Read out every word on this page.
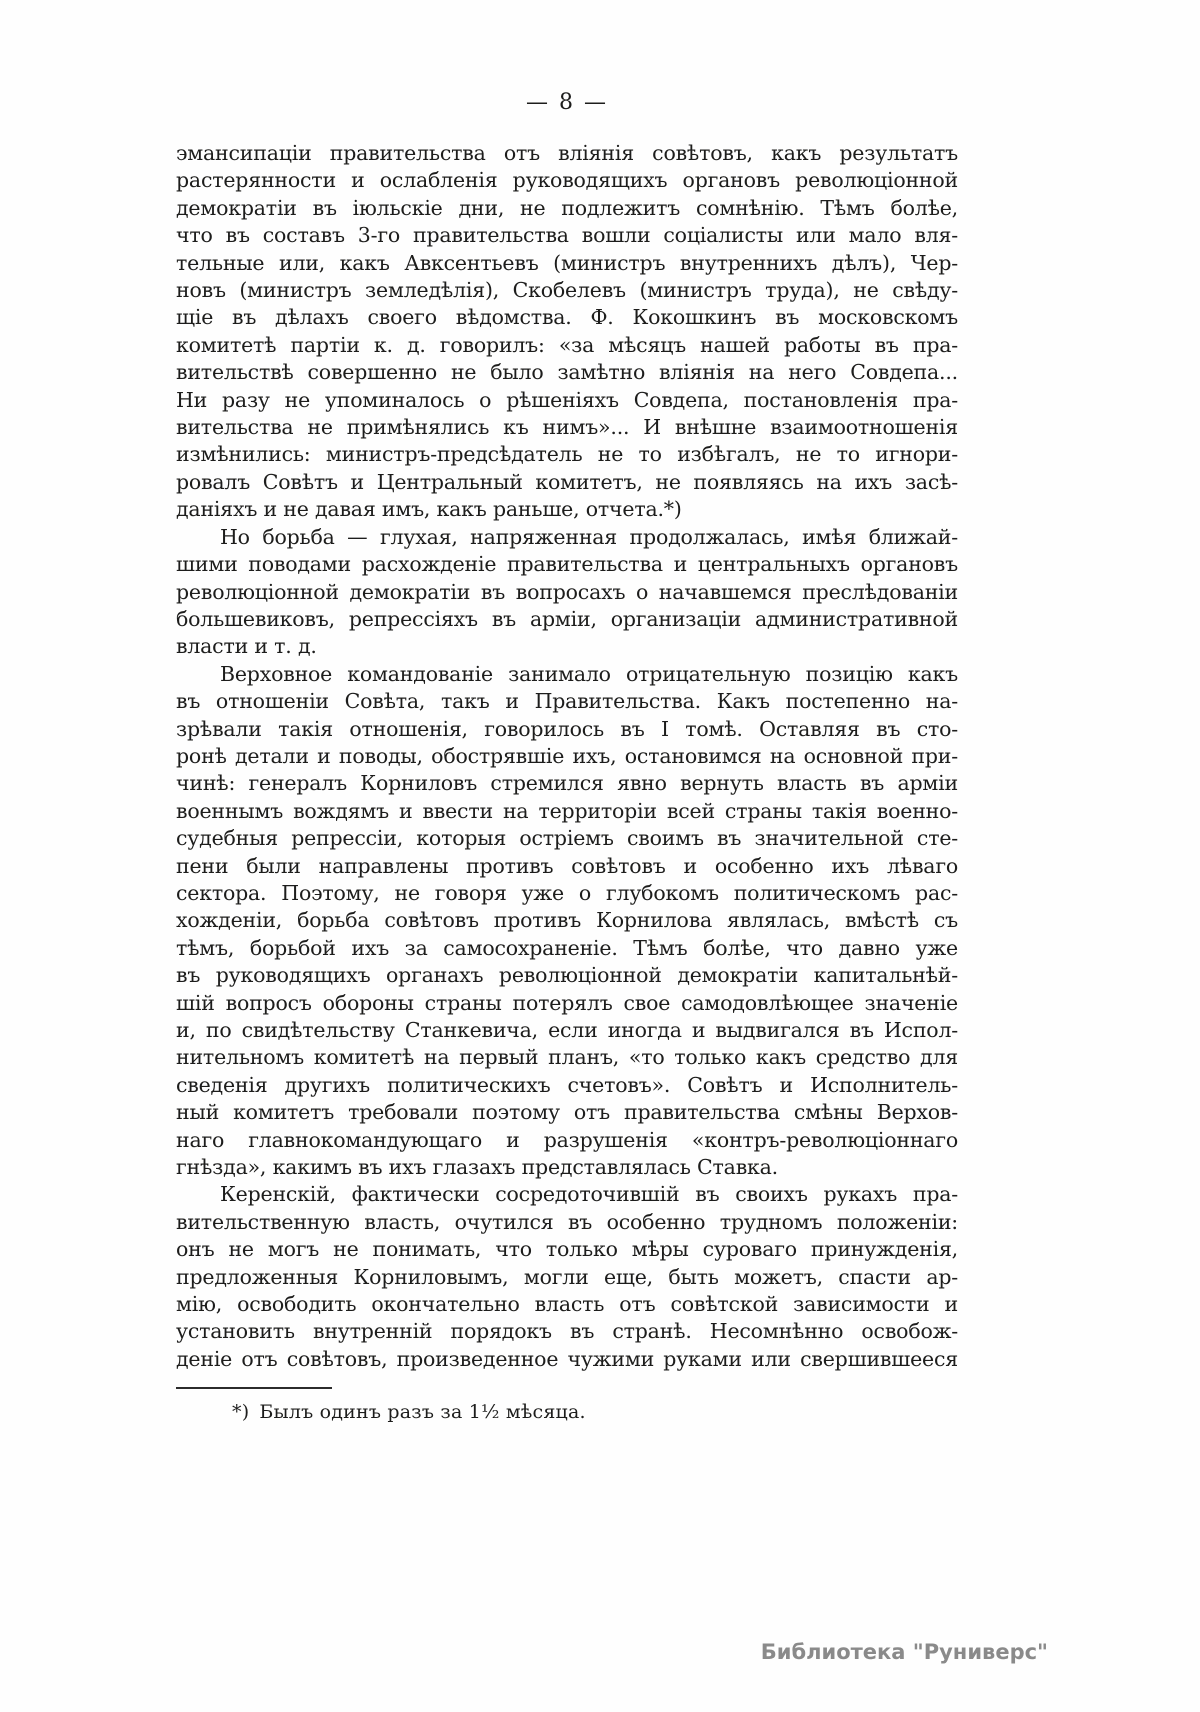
— 8 —
эмансипаціи правительства отъ вліянія совѣтовъ, какъ результатъ
растерянности и ослабленія руководящихъ органовъ революціонной
демократіи въ іюльскіе дни, не подлежитъ сомнѣнію. Тѣмъ болѣе,
что въ составъ 3-го правительства вошли соціалисты или мало вля-
тельные или, какъ Авксентьевъ (министръ внутреннихъ дѣлъ), Чер-
новъ (министръ земледѣлія), Скобелевъ (министръ труда), не свѣду-
щіе въ дѣлахъ своего вѣдомства. Ф. Кокошкинъ въ московскомъ
комитетѣ партіи к. д. говорилъ: «за мѣсяцъ нашей работы въ пра-
вительствѣ совершенно не было замѣтно вліянія на него Совдепа...
Ни разу не упоминалось о рѣшеніяхъ Совдепа, постановленія пра-
вительства не примѣнялись къ нимъ»... И внѣшне взаимоотношенія
измѣнились: министръ-предсѣдатель не то избѣгалъ, не то игнори-
ровалъ Совѣтъ и Центральный комитетъ, не появляясь на ихъ засѣ-
даніяхъ и не давая имъ, какъ раньше, отчета.*)
Но борьба — глухая, напряженная продолжалась, имѣя ближай-
шими поводами расхожденіе правительства и центральныхъ органовъ
революціонной демократіи въ вопросахъ о начавшемся преслѣдованіи
большевиковъ, репрессіяхъ въ арміи, организаціи административной
власти и т. д.
Верховное командованіе занимало отрицательную позицію какъ
въ отношеніи Совѣта, такъ и Правительства. Какъ постепенно на-
зрѣвали такія отношенія, говорилось въ I томѣ. Оставляя въ сто-
ронѣ детали и поводы, обострявшіе ихъ, остановимся на основной при-
чинѣ: генералъ Корниловъ стремился явно вернуть власть въ арміи
военнымъ вождямъ и ввести на территоріи всей страны такія военно-
судебныя репрессіи, которыя остріемъ своимъ въ значительной сте-
пени были направлены противъ совѣтовъ и особенно ихъ лѣваго
сектора. Поэтому, не говоря уже о глубокомъ политическомъ рас-
хожденіи, борьба совѣтовъ противъ Корнилова являлась, вмѣстѣ съ
тѣмъ, борьбой ихъ за самосохраненіе. Тѣмъ болѣе, что давно уже
въ руководящихъ органахъ революціонной демократіи капитальнѣй-
шій вопросъ обороны страны потерялъ свое самодовлѣющее значеніе
и, по свидѣтельству Станкевича, если иногда и выдвигался въ Испол-
нительномъ комитетѣ на первый планъ, «то только какъ средство для
сведенія другихъ политическихъ счетовъ». Совѣтъ и Исполнитель-
ный комитетъ требовали поэтому отъ правительства смѣны Верхов-
наго главнокомандующаго и разрушенія «контръ-революціоннаго
гнѣзда», какимъ въ ихъ глазахъ представлялась Ставка.
Керенскій, фактически сосредоточившій въ своихъ рукахъ пра-
вительственную власть, очутился въ особенно трудномъ положеніи:
онъ не могъ не понимать, что только мѣры суроваго принужденія,
предложенныя Корниловымъ, могли еще, быть можетъ, спасти ар-
мію, освободить окончательно власть отъ совѣтской зависимости и
установить внутренній порядокъ въ странѣ. Несомнѣнно освобож-
деніе отъ совѣтовъ, произведенное чужими руками или свершившееся
*) Былъ одинъ разъ за 1½ мѣсяца.
Библиотека "Руниверс"
